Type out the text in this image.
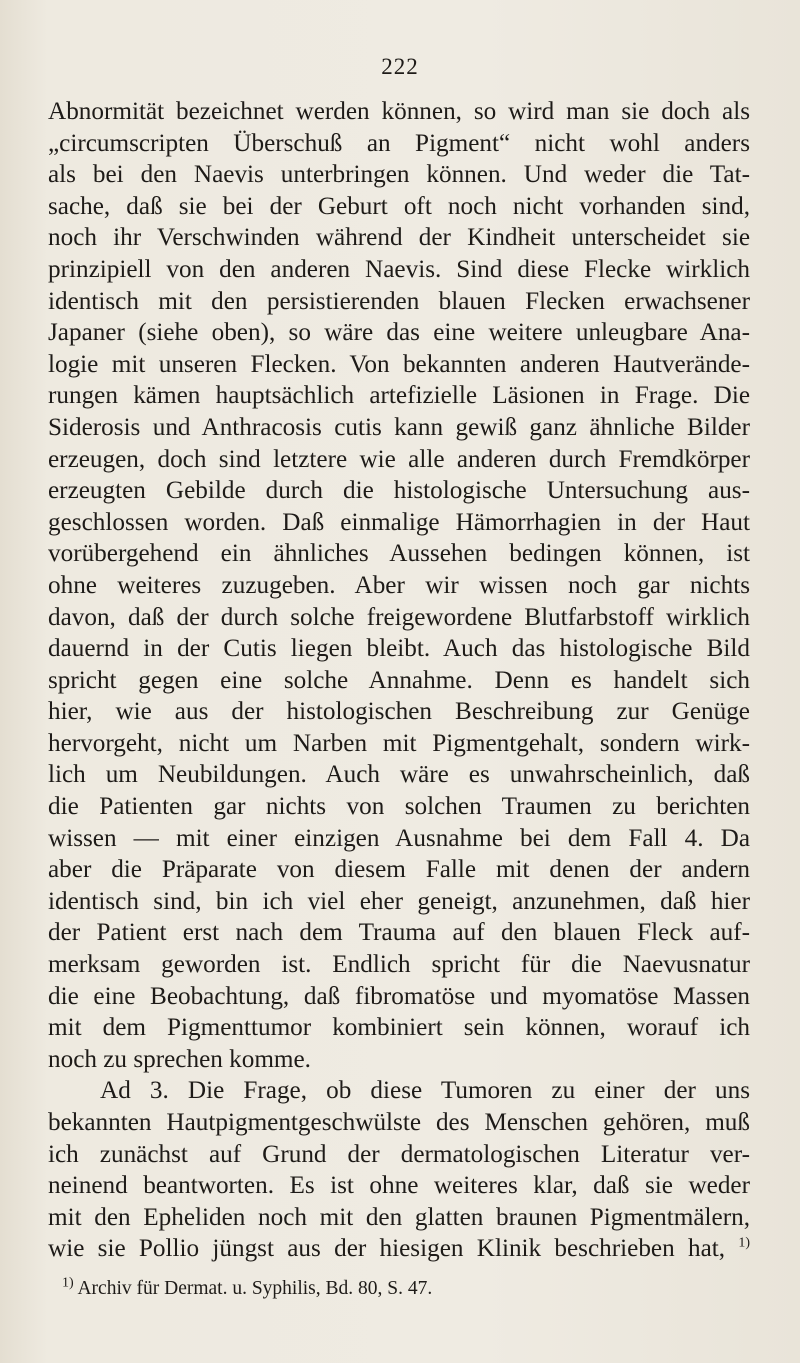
222
Abnormität bezeichnet werden können, so wird man sie doch als
„circumscripten Überschuß an Pigment“ nicht wohl anders
als bei den Naevis unterbringen können. Und weder die Tat-
sache, daß sie bei der Geburt oft noch nicht vorhanden sind,
noch ihr Verschwinden während der Kindheit unterscheidet sie
prinzipiell von den anderen Naevis. Sind diese Flecke wirklich
identisch mit den persistierenden blauen Flecken erwachsener
Japaner (siehe oben), so wäre das eine weitere unleugbare Ana-
logie mit unseren Flecken. Von bekannten anderen Hautverände-
rungen kämen hauptsächlich artefizielle Läsionen in Frage. Die
Siderosis und Anthracosis cutis kann gewiß ganz ähnliche Bilder
erzeugen, doch sind letztere wie alle anderen durch Fremdkörper
erzeugten Gebilde durch die histologische Untersuchung aus-
geschlossen worden. Daß einmalige Hämorrhagien in der Haut
vorübergehend ein ähnliches Aussehen bedingen können, ist
ohne weiteres zuzugeben. Aber wir wissen noch gar nichts
davon, daß der durch solche freigewordene Blutfarbstoff wirklich
dauernd in der Cutis liegen bleibt. Auch das histologische Bild
spricht gegen eine solche Annahme. Denn es handelt sich
hier, wie aus der histologischen Beschreibung zur Genüge
hervorgeht, nicht um Narben mit Pigmentgehalt, sondern wirk-
lich um Neubildungen. Auch wäre es unwahrscheinlich, daß
die Patienten gar nichts von solchen Traumen zu berichten
wissen — mit einer einzigen Ausnahme bei dem Fall 4. Da
aber die Präparate von diesem Falle mit denen der andern
identisch sind, bin ich viel eher geneigt, anzunehmen, daß hier
der Patient erst nach dem Trauma auf den blauen Fleck auf-
merksam geworden ist. Endlich spricht für die Naevusnatur
die eine Beobachtung, daß fibromatöse und myomatöse Massen
mit dem Pigmenttumor kombiniert sein können, worauf ich
noch zu sprechen komme.
Ad 3. Die Frage, ob diese Tumoren zu einer der uns
bekannten Hautpigmentgeschwülste des Menschen gehören, muß
ich zunächst auf Grund der dermatologischen Literatur ver-
neinend beantworten. Es ist ohne weiteres klar, daß sie weder
mit den Epheliden noch mit den glatten braunen Pigmentmälern,
wie sie Pollio jüngst aus der hiesigen Klinik beschrieben hat, $^{1)}$
$^{1)}$ Archiv für Dermat. u. Syphilis, Bd. 80, S. 47.
